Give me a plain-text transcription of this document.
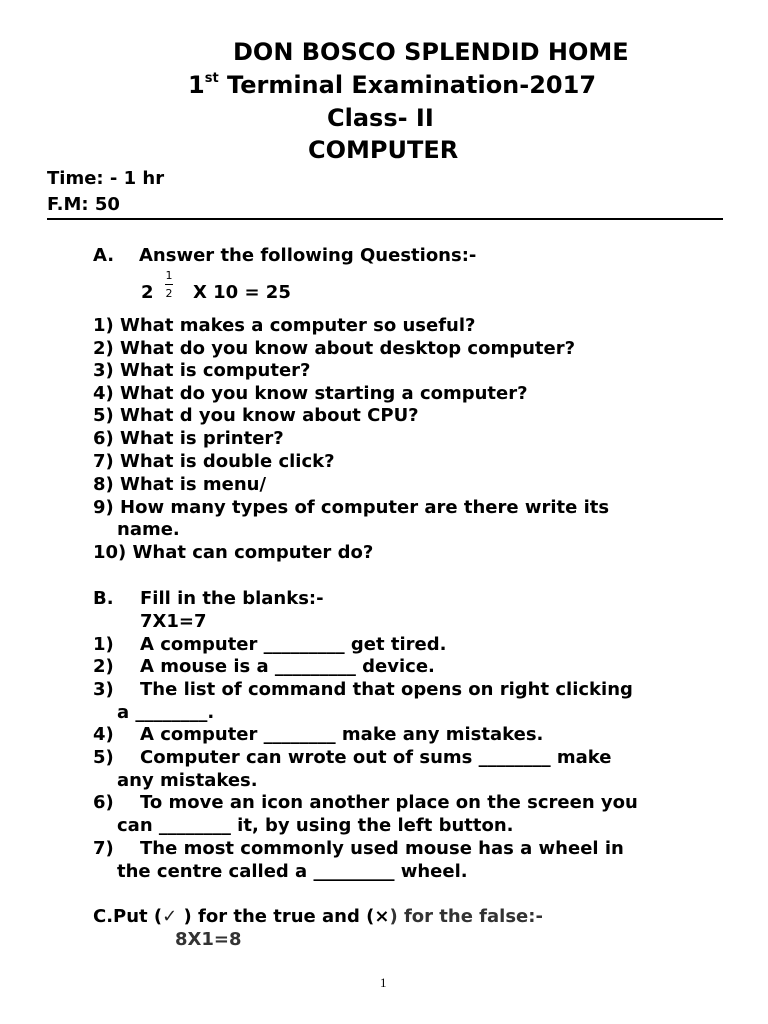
DON BOSCO SPLENDID HOME
1st Terminal Examination-2017
Class- II
COMPUTER
Time: - 1 hr
F.M: 50
A. Answer the following Questions:-
2
1
2 X 10 = 25
1) What makes a computer so useful?
2) What do you know about desktop computer?
3) What is computer?
4) What do you know starting a computer?
5) What d you know about CPU?
6) What is printer?
7) What is double click?
8) What is menu/
9) How many types of computer are there write its
name.
10) What can computer do?
B. Fill in the blanks:-
7X1=7
1) A computer _________ get tired.
2) A mouse is a _________ device.
3) The list of command that opens on right clicking
a ________.
4) A computer ________ make any mistakes.
5) Computer can wrote out of sums ________ make
any mistakes.
6) To move an icon another place on the screen you
can ________ it, by using the left button.
7) The most commonly used mouse has a wheel in
the centre called a _________ wheel.
C.Put (✓ ) for the true and (×) for the false:-
8X1=8
1
